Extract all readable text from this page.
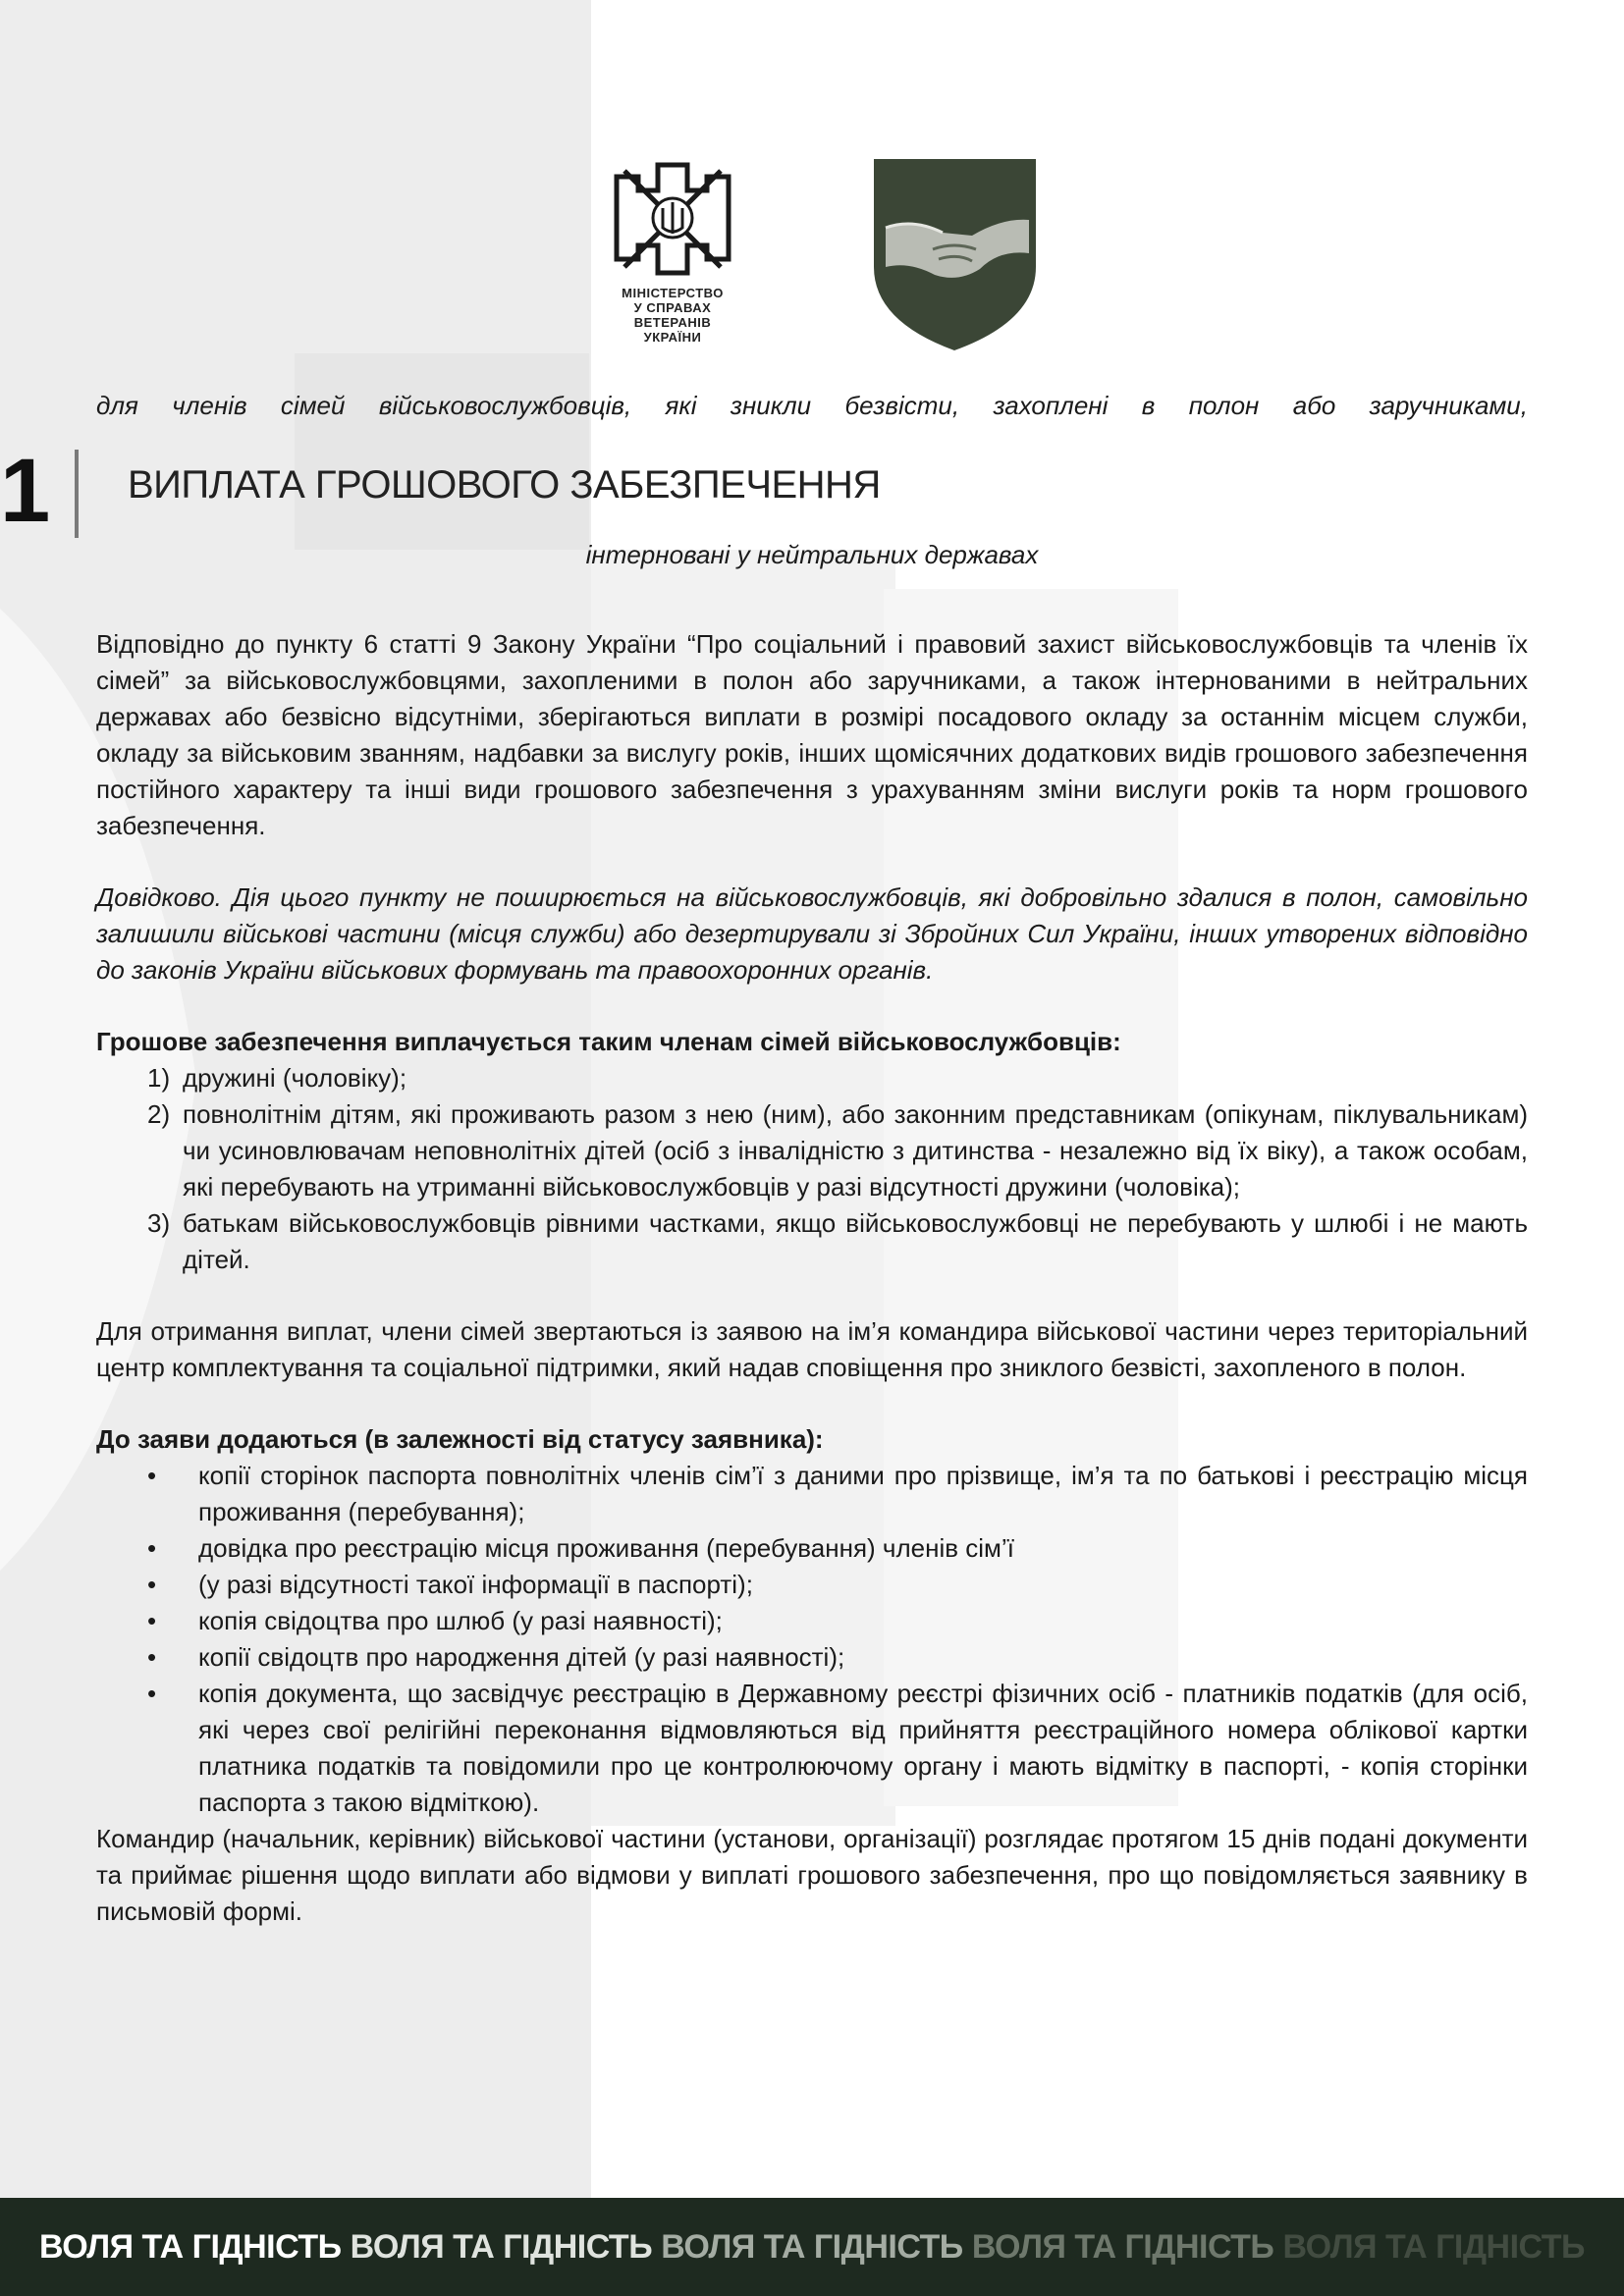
МІНІСТЕРСТВО
У СПРАВАХ
ВЕТЕРАНІВ
УКРАЇНИ
для членів сімей військовослужбовців, які зникли безвісти, захоплені в полон або заручниками,
1 ВИПЛАТА ГРОШОВОГО ЗАБЕЗПЕЧЕННЯ
інтерновані у нейтральних державах

Відповідно до пункту 6 статті 9 Закону України “Про соціальний і правовий захист військовослужбовців та членів їх сімей” за військовослужбовцями, захопленими в полон або заручниками, а також інтернованими в нейтральних державах або безвісно відсутніми, зберігаються виплати в розмірі посадового окладу за останнім місцем служби, окладу за військовим званням, надбавки за вислугу років, інших щомісячних додаткових видів грошового забезпечення постійного характеру та інші види грошового забезпечення з урахуванням зміни вислуги років та норм грошового забезпечення.

Довідково. Дія цього пункту не поширюється на військовослужбовців, які добровільно здалися в полон, самовільно залишили військові частини (місця служби) або дезертирували зі Збройних Сил України, інших утворених відповідно до законів України військових формувань та правоохоронних органів.

Грошове забезпечення виплачується таким членам сімей військовослужбовців:

1) дружині (чоловіку);
2) повнолітнім дітям, які проживають разом з нею (ним), або законним представникам (опікунам, піклувальникам) чи усиновлювачам неповнолітніх дітей (осіб з інвалідністю з дитинства - незалежно від їх віку), а також особам, які перебувають на утриманні військовослужбовців у разі відсутності дружини (чоловіка);
3) батькам військовослужбовців рівними частками, якщо військовослужбовці не перебувають у шлюбі і не мають дітей.

Для отримання виплат, члени сімей звертаються із заявою на ім’я командира військової частини через територіальний центр комплектування та соціальної підтримки, який надав сповіщення про зниклого безвісті, захопленого в полон.

До заяви додаються (в залежності від статусу заявника):

• копії сторінок паспорта повнолітніх членів сім’ї з даними про прізвище, ім’я та по батькові і реєстрацію місця проживання (перебування);
• довідка про реєстрацію місця проживання (перебування) членів сім’ї
• (у разі відсутності такої інформації в паспорті);
• копія свідоцтва про шлюб (у разі наявності);
• копії свідоцтв про народження дітей (у разі наявності);
• копія документа, що засвідчує реєстрацію в Державному реєстрі фізичних осіб - платників податків (для осіб, які через свої релігійні переконання відмовляються від прийняття реєстраційного номера облікової картки платника податків та повідомили про це контролюючому органу і мають відмітку в паспорті, - копія сторінки паспорта з такою відміткою).

Командир (начальник, керівник) військової частини (установи, організації) розглядає протягом 15 днів подані документи та приймає рішення щодо виплати або відмови у виплаті грошового забезпечення, про що повідомляється заявнику в письмовій формі.

ВОЛЯ ТА ГІДНІСТЬ ВОЛЯ ТА ГІДНІСТЬ ВОЛЯ ТА ГІДНІСТЬ ВОЛЯ ТА ГІДНІСТЬ ВОЛЯ ТА ГІДНІСТЬ
